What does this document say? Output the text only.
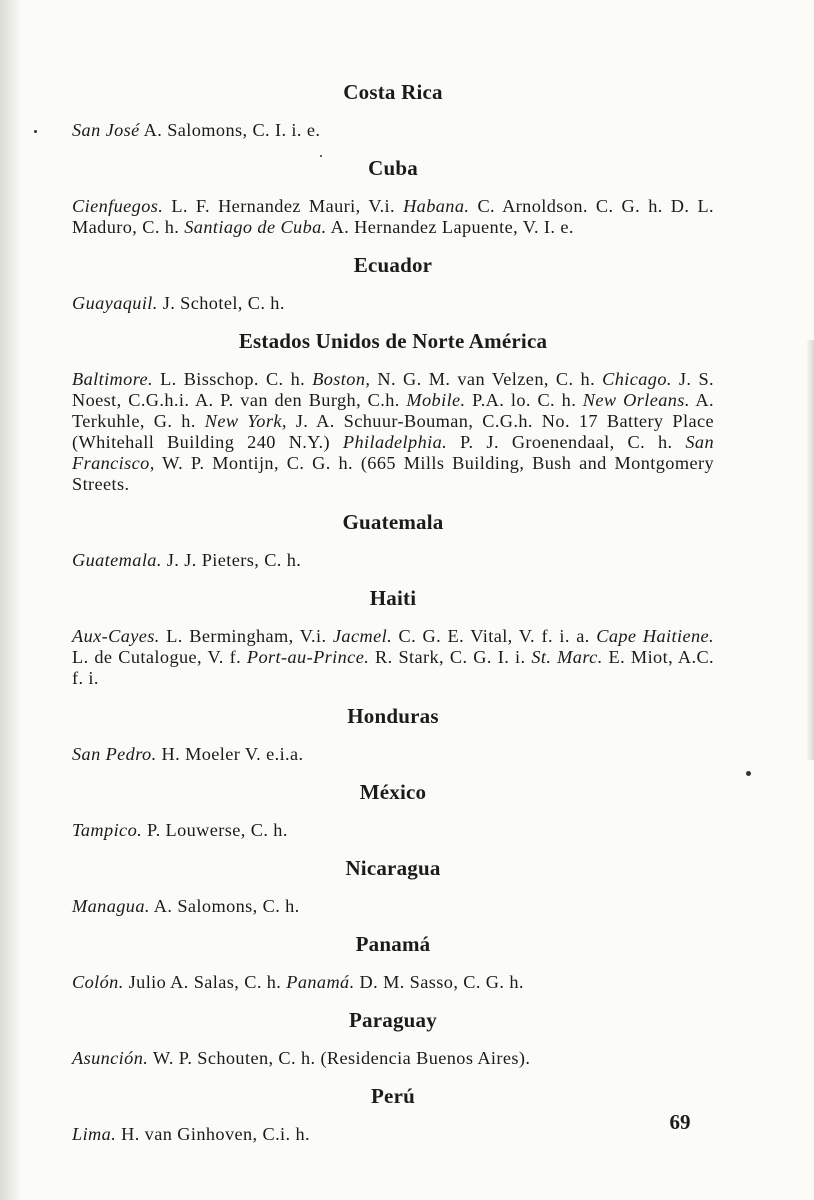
Costa Rica
San José A. Salomons, C. I. i. e.
Cuba
Cienfuegos. L. F. Hernandez Mauri, V.i. Habana. C. Arnoldson. C. G. h. D. L. Maduro, C. h. Santiago de Cuba. A. Hernandez Lapuente, V. I. e.
Ecuador
Guayaquil. J. Schotel, C. h.
Estados Unidos de Norte América
Baltimore. L. Bisschop. C. h. Boston, N. G. M. van Velzen, C. h. Chicago. J. S. Noest, C.G.h.i. A. P. van den Burgh, C.h. Mobile. P.A. lo. C. h. New Orleans. A. Terkuhle, G. h. New York, J. A. Schuur-Bouman, C.G.h. No. 17 Battery Place (Whitehall Building 240 N.Y.) Philadelphia. P. J. Groenendaal, C. h. San Francisco, W. P. Montijn, C. G. h. (665 Mills Building, Bush and Montgomery Streets.
Guatemala
Guatemala. J. J. Pieters, C. h.
Haiti
Aux-Cayes. L. Bermingham, V.i. Jacmel. C. G. E. Vital, V. f. i. a. Cape Haitiene. L. de Cutalogue, V. f. Port-au-Prince. R. Stark, C. G. I. i. St. Marc. E. Miot, A.C. f. i.
Honduras
San Pedro. H. Moeler V. e.i.a.
México
Tampico. P. Louwerse, C. h.
Nicaragua
Managua. A. Salomons, C. h.
Panamá
Colón. Julio A. Salas, C. h. Panamá. D. M. Sasso, C. G. h.
Paraguay
Asunción. W. P. Schouten, C. h. (Residencia Buenos Aires).
Perú
Lima. H. van Ginhoven, C.i. h.	69
